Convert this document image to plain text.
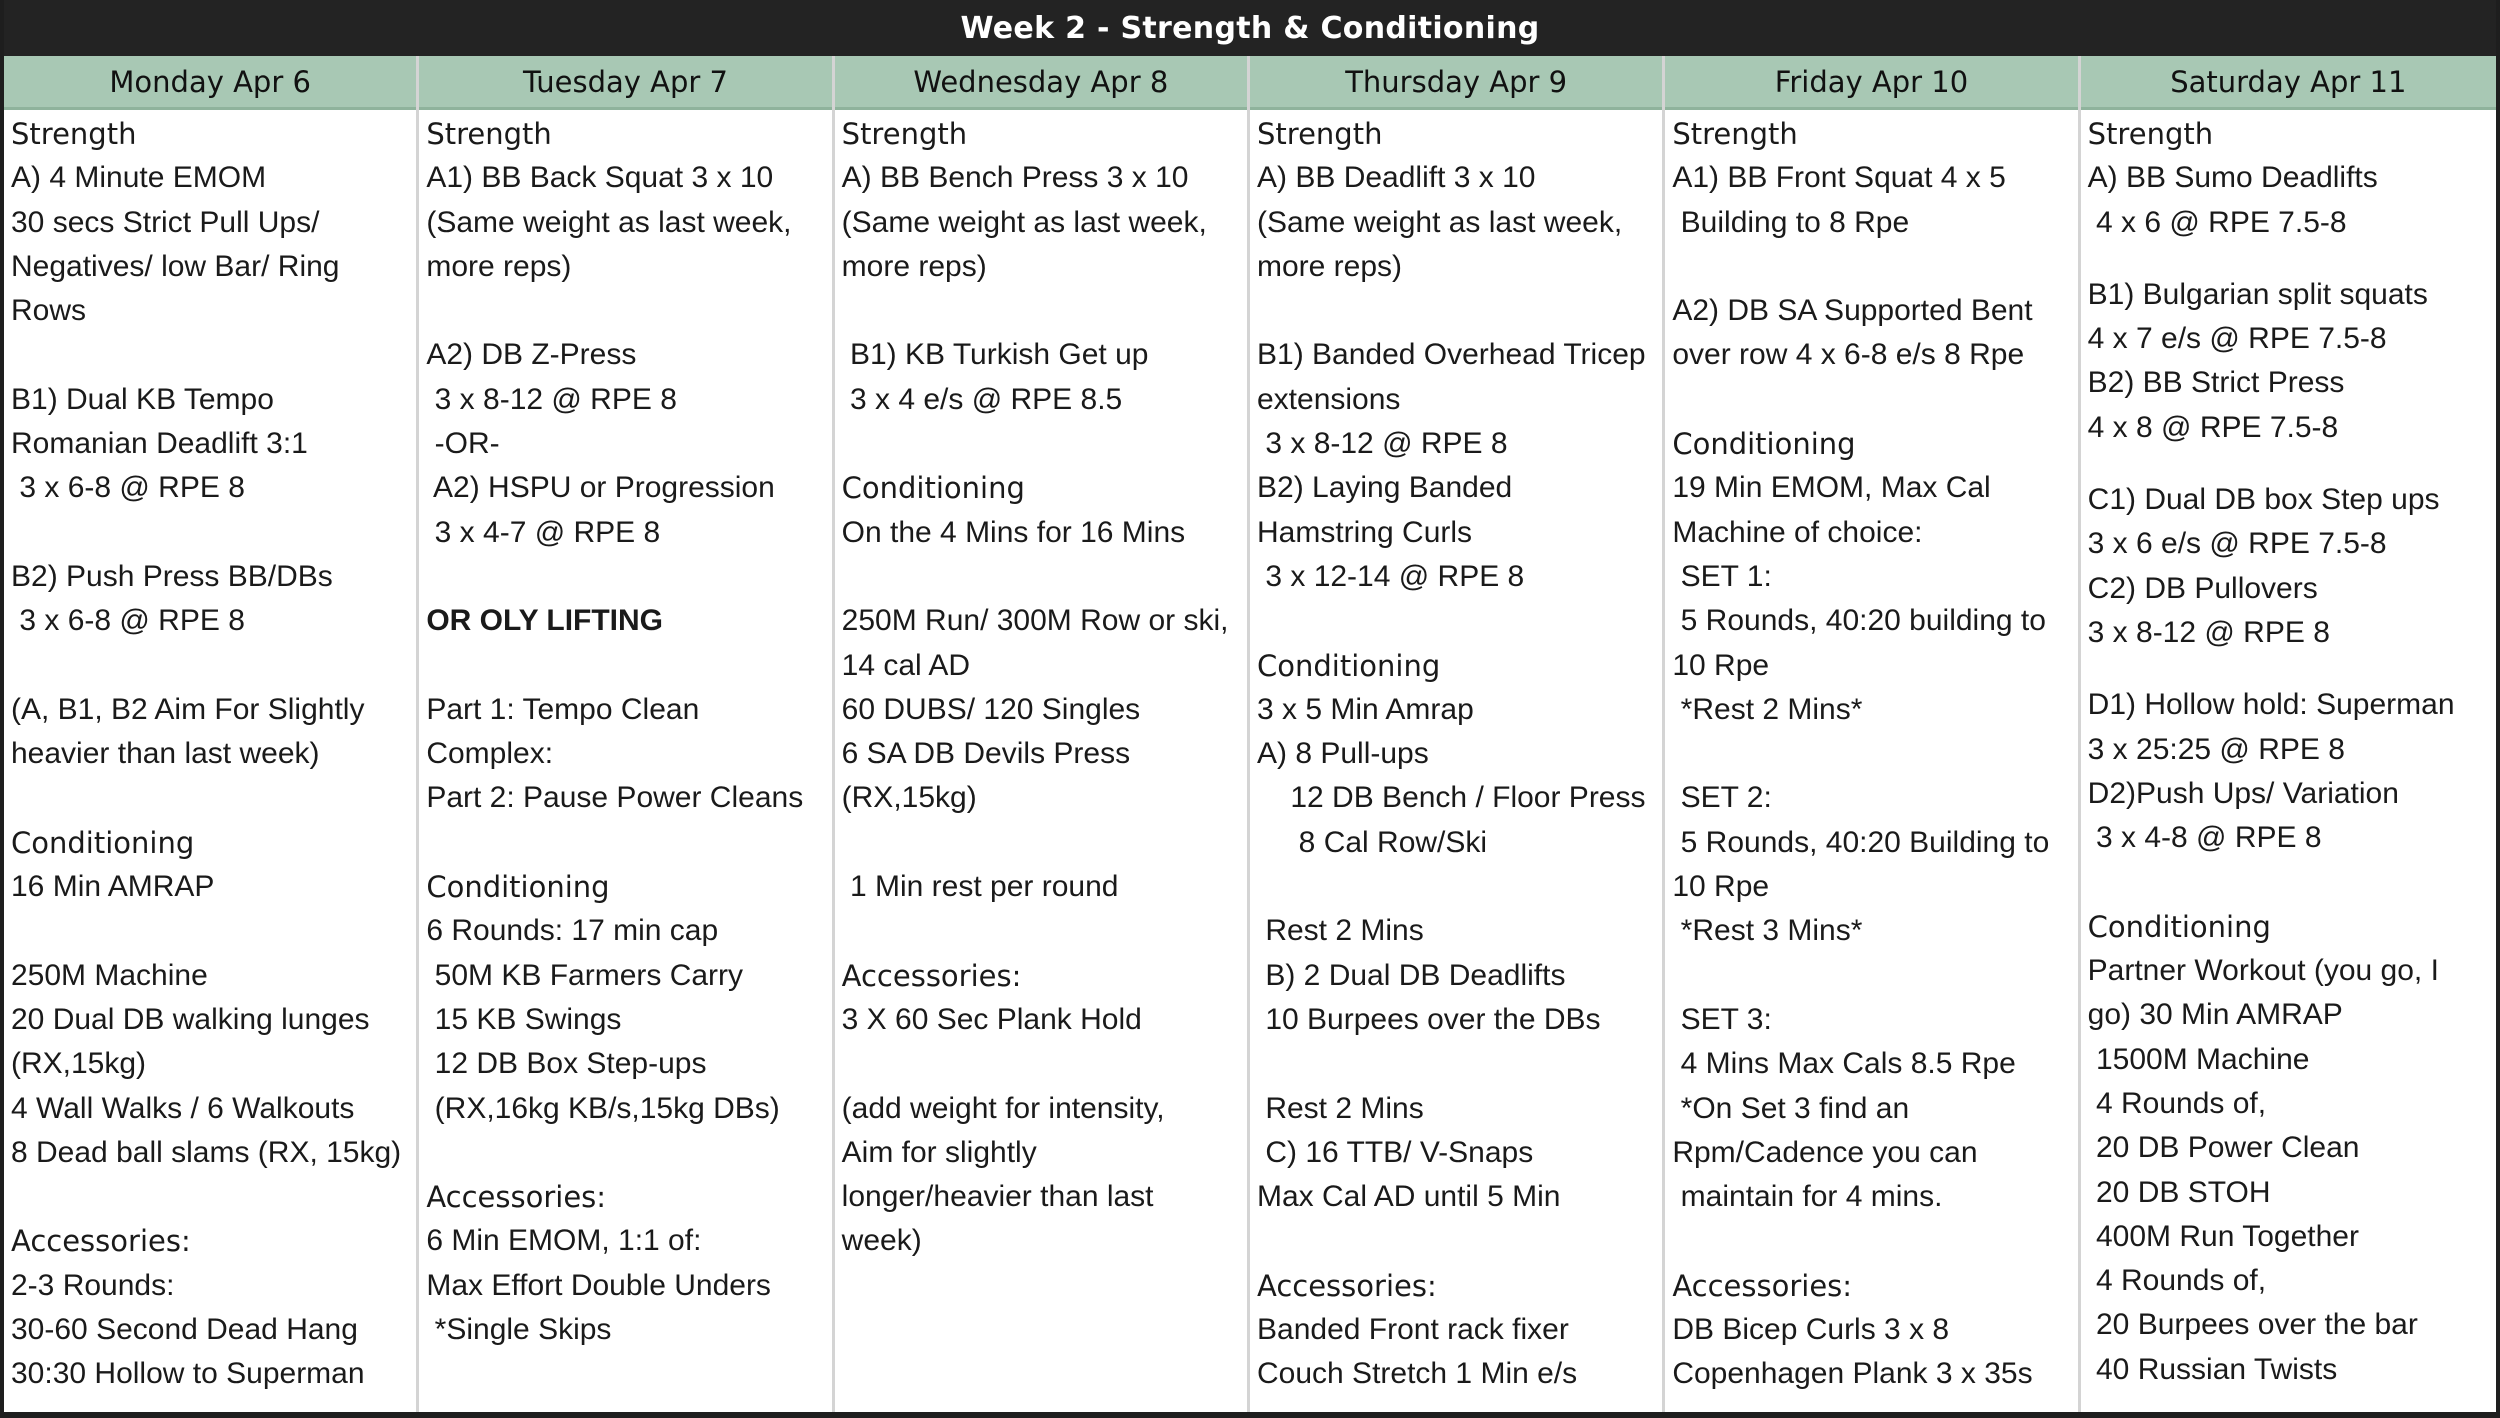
Week 2 - Strength & Conditioning
Monday Apr 6
Strength
A) 4 Minute EMOM
30 secs Strict Pull Ups/
Negatives/ low Bar/ Ring
Rows
B1) Dual KB Tempo
Romanian Deadlift 3:1
3 x 6-8 @ RPE 8
B2) Push Press BB/DBs
3 x 6-8 @ RPE 8
(A, B1, B2 Aim For Slightly
heavier than last week)
Conditioning
16 Min AMRAP
250M Machine
20 Dual DB walking lunges
(RX,15kg)
4 Wall Walks / 6 Walkouts
8 Dead ball slams (RX, 15kg)
Accessories:
2-3 Rounds:
30-60 Second Dead Hang
30:30 Hollow to Superman
Tuesday Apr 7
Strength
A1) BB Back Squat 3 x 10
(Same weight as last week,
more reps)
A2) DB Z-Press
3 x 8-12 @ RPE 8
-OR-
A2) HSPU or Progression
3 x 4-7 @ RPE 8
OR OLY LIFTING
Part 1: Tempo Clean
Complex:
Part 2: Pause Power Cleans
Conditioning
6 Rounds: 17 min cap
50M KB Farmers Carry
15 KB Swings
12 DB Box Step-ups
(RX,16kg KB/s,15kg DBs)
Accessories:
6 Min EMOM, 1:1 of:
Max Effort Double Unders
*Single Skips
Wednesday Apr 8
Strength
A) BB Bench Press 3 x 10
(Same weight as last week,
more reps)
B1) KB Turkish Get up
3 x 4 e/s @ RPE 8.5
Conditioning
On the 4 Mins for 16 Mins
250M Run/ 300M Row or ski,
14 cal AD
60 DUBS/ 120 Singles
6 SA DB Devils Press
(RX,15kg)
1 Min rest per round
Accessories:
3 X 60 Sec Plank Hold
(add weight for intensity,
Aim for slightly
longer/heavier than last
week)
Thursday Apr 9
Strength
A) BB Deadlift 3 x 10
(Same weight as last week,
more reps)
B1) Banded Overhead Tricep
extensions
3 x 8-12 @ RPE 8
B2) Laying Banded
Hamstring Curls
3 x 12-14 @ RPE 8
Conditioning
3 x 5 Min Amrap
A) 8 Pull-ups
12 DB Bench / Floor Press
8 Cal Row/Ski
Rest 2 Mins
B) 2 Dual DB Deadlifts
10 Burpees over the DBs
Rest 2 Mins
C) 16 TTB/ V-Snaps
Max Cal AD until 5 Min
Accessories:
Banded Front rack fixer
Couch Stretch 1 Min e/s
Friday Apr 10
Strength
A1) BB Front Squat 4 x 5
Building to 8 Rpe
A2) DB SA Supported Bent
over row 4 x 6-8 e/s 8 Rpe
Conditioning
19 Min EMOM, Max Cal
Machine of choice:
SET 1:
5 Rounds, 40:20 building to
10 Rpe
*Rest 2 Mins*
SET 2:
5 Rounds, 40:20 Building to
10 Rpe
*Rest 3 Mins*
SET 3:
4 Mins Max Cals 8.5 Rpe
*On Set 3 find an
Rpm/Cadence you can
maintain for 4 mins.
Accessories:
DB Bicep Curls 3 x 8
Copenhagen Plank 3 x 35s
Saturday Apr 11
Strength
A) BB Sumo Deadlifts
4 x 6 @ RPE 7.5-8
B1) Bulgarian split squats
4 x 7 e/s @ RPE 7.5-8
B2) BB Strict Press
4 x 8 @ RPE 7.5-8
C1) Dual DB box Step ups
3 x 6 e/s @ RPE 7.5-8
C2) DB Pullovers
3 x 8-12 @ RPE 8
D1) Hollow hold: Superman
3 x 25:25 @ RPE 8
D2)Push Ups/ Variation
3 x 4-8 @ RPE 8
Conditioning
Partner Workout (you go, I
go) 30 Min AMRAP
1500M Machine
4 Rounds of,
20 DB Power Clean
20 DB STOH
400M Run Together
4 Rounds of,
20 Burpees over the bar
40 Russian Twists
